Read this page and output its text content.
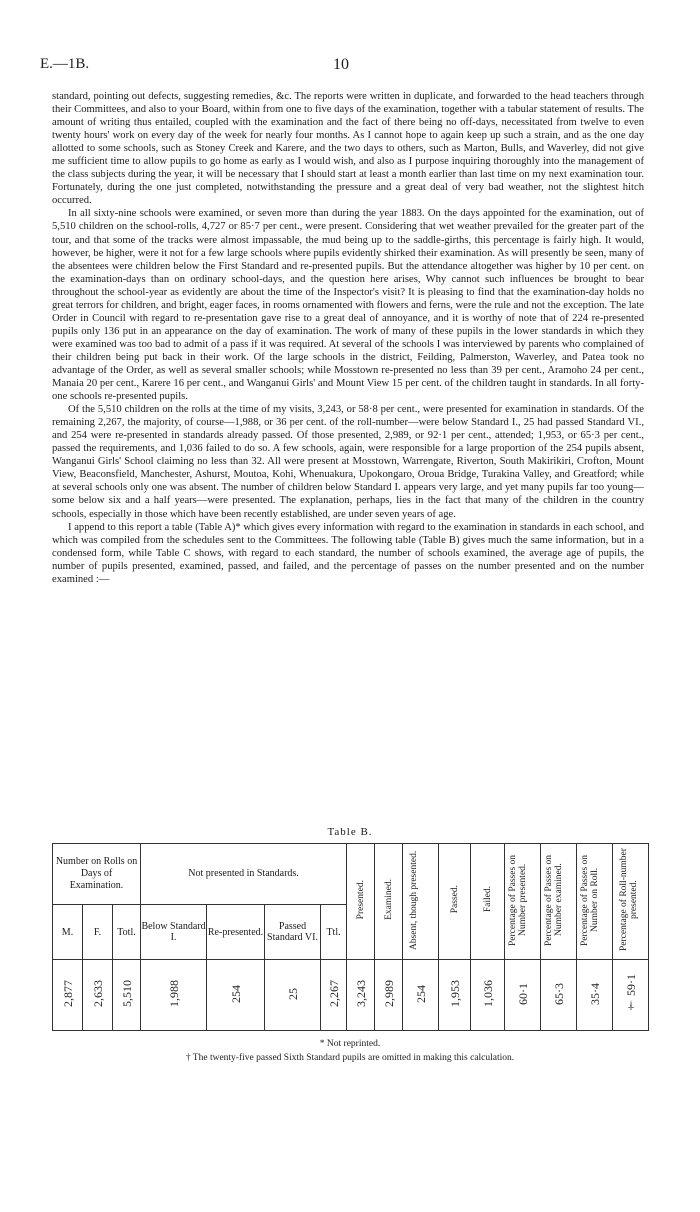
E.—1B.	10

standard, pointing out defects, suggesting remedies, &c. The reports were written in duplicate, and forwarded to the head teachers through their Committees, and also to your Board, within from one to five days of the examination, together with a tabular statement of results. The amount of writing thus entailed, coupled with the examination and the fact of there being no off-days, necessitated from twelve to even twenty hours' work on every day of the week for nearly four months. As I cannot hope to again keep up such a strain, and as the one day allotted to some schools, such as Stoney Creek and Karere, and the two days to others, such as Marton, Bulls, and Waverley, did not give me sufficient time to allow pupils to go home as early as I would wish, and also as I purpose inquiring thoroughly into the management of the class subjects during the year, it will be necessary that I should start at least a month earlier than last time on my next examination tour. Fortunately, during the one just completed, notwithstanding the pressure and a great deal of very bad weather, not the slightest hitch occurred.

In all sixty-nine schools were examined, or seven more than during the year 1883. On the days appointed for the examination, out of 5,510 children on the school-rolls, 4,727 or 85·7 per cent., were present. Considering that wet weather prevailed for the greater part of the tour, and that some of the tracks were almost impassable, the mud being up to the saddle-girths, this percentage is fairly high. It would, however, be higher, were it not for a few large schools where pupils evidently shirked their examination. As will presently be seen, many of the absentees were children below the First Standard and re-presented pupils. But the attendance altogether was higher by 10 per cent. on the examination-days than on ordinary school-days, and the question here arises, Why cannot such influences be brought to bear throughout the school-year as evidently are about the time of the Inspector's visit? It is pleasing to find that the examination-day holds no great terrors for children, and bright, eager faces, in rooms ornamented with flowers and ferns, were the rule and not the exception. The late Order in Council with regard to re-presentation gave rise to a great deal of annoyance, and it is worthy of note that of 224 re-presented pupils only 136 put in an appearance on the day of examination. The work of many of these pupils in the lower standards in which they were examined was too bad to admit of a pass if it was required. At several of the schools I was interviewed by parents who complained of their children being put back in their work. Of the large schools in the district, Feilding, Palmerston, Waverley, and Patea took no advantage of the Order, as well as several smaller schools; while Mosstown re-presented no less than 39 per cent., Aramoho 24 per cent., Manaia 20 per cent., Karere 16 per cent., and Wanganui Girls' and Mount View 15 per cent. of the children taught in standards. In all forty-one schools re-presented pupils.

Of the 5,510 children on the rolls at the time of my visits, 3,243, or 58·8 per cent., were presented for examination in standards. Of the remaining 2,267, the majority, of course—1,988, or 36 per cent. of the roll-number—were below Standard I., 25 had passed Standard VI., and 254 were re-presented in standards already passed. Of those presented, 2,989, or 92·1 per cent., attended; 1,953, or 65·3 per cent., passed the requirements, and 1,036 failed to do so. A few schools, again, were responsible for a large proportion of the 254 pupils absent, Wanganui Girls' School claiming no less than 32. All were present at Mosstown, Warrengate, Riverton, South Makirikiri, Crofton, Mount View, Beaconsfield, Manchester, Ashurst, Moutoa, Kohi, Whenuakura, Upokongaro, Oroua Bridge, Turakina Valley, and Greatford; while at several schools only one was absent. The number of children below Standard I. appears very large, and yet many pupils far too young—some below six and a half years—were presented. The explanation, perhaps, lies in the fact that many of the children in the country schools, especially in those which have been recently established, are under seven years of age.

I append to this report a table (Table A)* which gives every information with regard to the examination in standards in each school, and which was compiled from the schedules sent to the Committees. The following table (Table B) gives much the same information, but in a condensed form, while Table C shows, with regard to each standard, the number of schools examined, the average age of pupils, the number of pupils presented, examined, passed, and failed, and the percentage of passes on the number presented and on the number examined :—

Table B.
Number on Rolls on Days of Examination.			Not presented in Standards.				Presented.	Examined.	Absent, though presented.	Passed.	Failed.	Percentage of Passes on Number presented.	Percentage of Passes on Number examined.	Percentage of Passes on Number on Roll.	Percentage of Roll-number presented.
M.	F.	Totl.	Below Standard I.	Re-presented.	Passed Standard VI.	Ttl.									
2,877	2,633	5,510	1,988	254	25	2,267	3,243	2,989	254	1,953	1,036	60·1	65·3	35·4	† 59·1
* Not reprinted.
† The twenty-five passed Sixth Standard pupils are omitted in making this calculation.
